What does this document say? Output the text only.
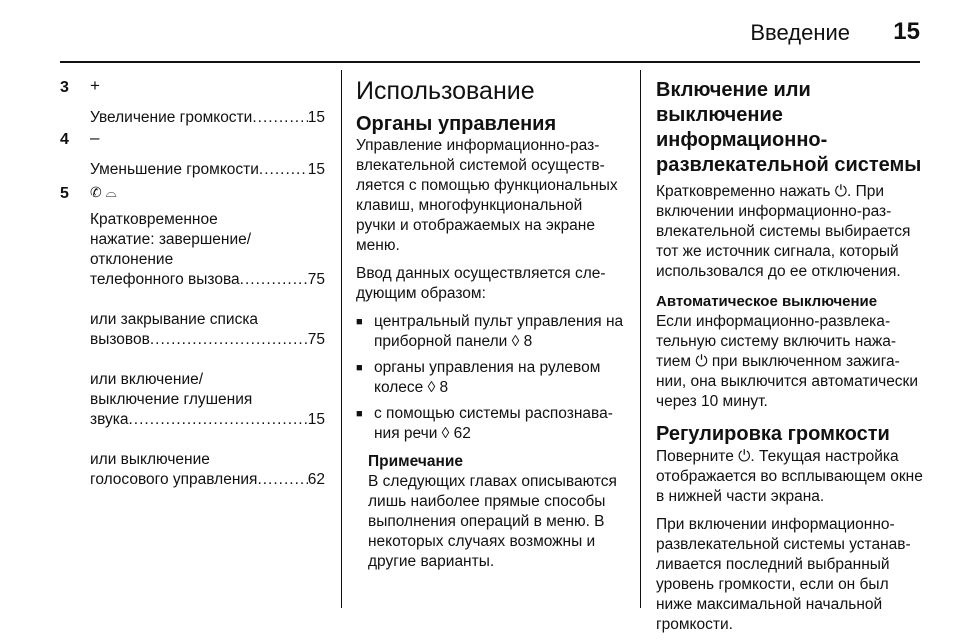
Введение 15
3 +
Увеличение громкости .....	15
4 –
Уменьшение громкости .....	15
5 ✆ ⌓
Кратковременное
нажатие: завершение/
отклонение
телефонного вызова .....	75
или закрывание списка
вызовов .....	75
или включение/
выключение глушения
звука .....	15
или выключение
голосового управления .....	62
Использование
Органы управления

Управление информационно-развлекательной системой осуществляется с помощью функциональных клавиш, многофункциональной ручки и отображаемых на экране меню.

Ввод данных осуществляется следующим образом:

■ центральный пульт управления на приборной панели ◊ 8
■ органы управления на рулевом колесе ◊ 8
■ с помощью системы распознавания речи ◊ 62
Примечание
В следующих главах описываются лишь наиболее прямые способы выполнения операций в меню. В некоторых случаях возможны и другие варианты.
Включение или выключение информационно-развлекательной системы

Кратковременно нажать ⏻. При включении информационно-развлекательной системы выбирается тот же источник сигнала, который использовался до ее отключения.

Автоматическое выключение

Если информационно-развлекательную систему включить нажатием ⏻ при выключенном зажигании, она выключится автоматически через 10 минут.

Регулировка громкости

Поверните ⏻. Текущая настройка отображается во всплывающем окне в нижней части экрана.

При включении информационно-развлекательной системы устанавливается последний выбранный уровень громкости, если он был ниже максимальной начальной громкости.
